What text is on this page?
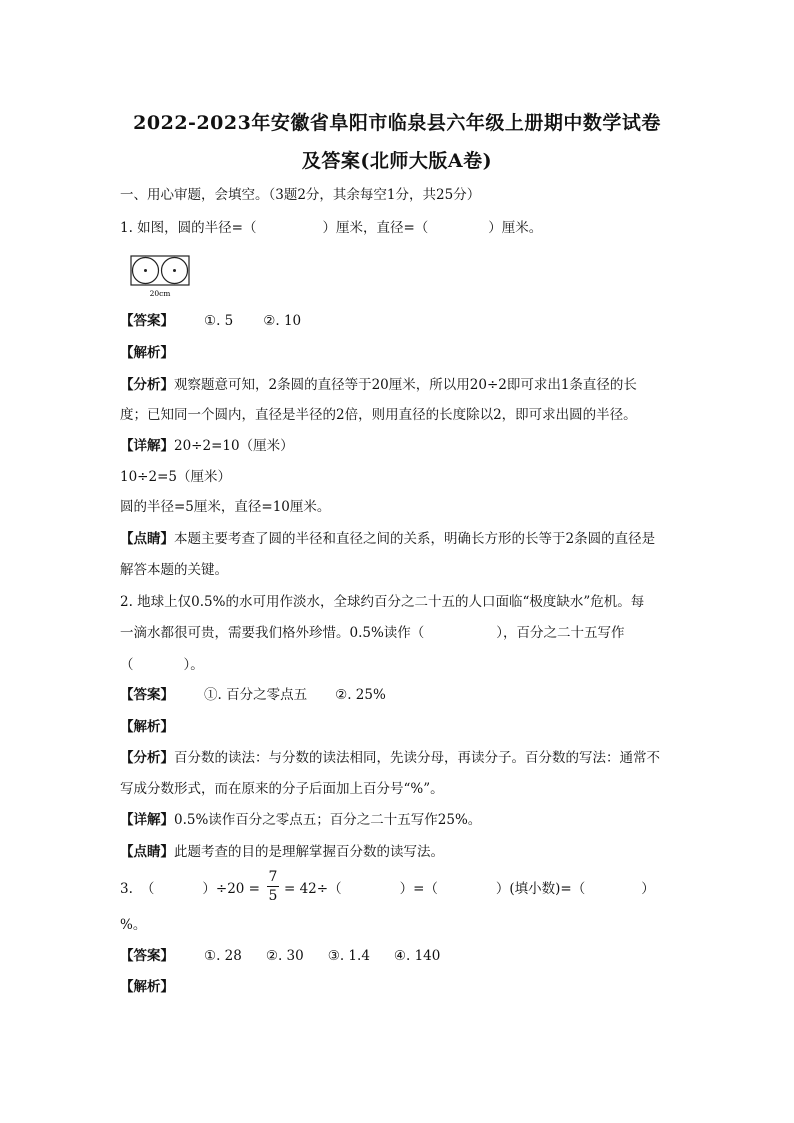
2022-2023年安徽省阜阳市临泉县六年级上册期中数学试卷
及答案(北师大版A卷)
一、用心审题，会填空。（3题2分，其余每空1分，共25分）
1. 如图，圆的半径=（	）厘米，直径=（	）厘米。
20cm
【答案】 ①. 5 ②. 10
【解析】
【分析】观察题意可知，2条圆的直径等于20厘米，所以用20÷2即可求出1条直径的长
度；已知同一个圆内，直径是半径的2倍，则用直径的长度除以2，即可求出圆的半径。
【详解】20÷2=10（厘米）
10÷2=5（厘米）
圆的半径=5厘米，直径=10厘米。
【点睛】本题主要考查了圆的半径和直径之间的关系，明确长方形的长等于2条圆的直径是
解答本题的关键。
2. 地球上仅0.5%的水可用作淡水，全球约百分之二十五的人口面临“极度缺水”危机。每
一滴水都很可贵，需要我们格外珍惜。0.5%读作（	），百分之二十五写作
（	）。
【答案】 ①. 百分之零点五 ②. 25%
【解析】
【分析】百分数的读法：与分数的读法相同，先读分母，再读分子。百分数的写法：通常不
写成分数形式，而在原来的分子后面加上百分号“%”。
【详解】0.5%读作百分之零点五；百分之二十五写作25%。
【点睛】此题考查的目的是理解掌握百分数的读写法。
3. （	）÷20 = = 42÷（	）=（	）(填小数)=（	）
7
5
%。
【答案】 ①. 28 ②. 30 ③. 1.4 ④. 140
【解析】
